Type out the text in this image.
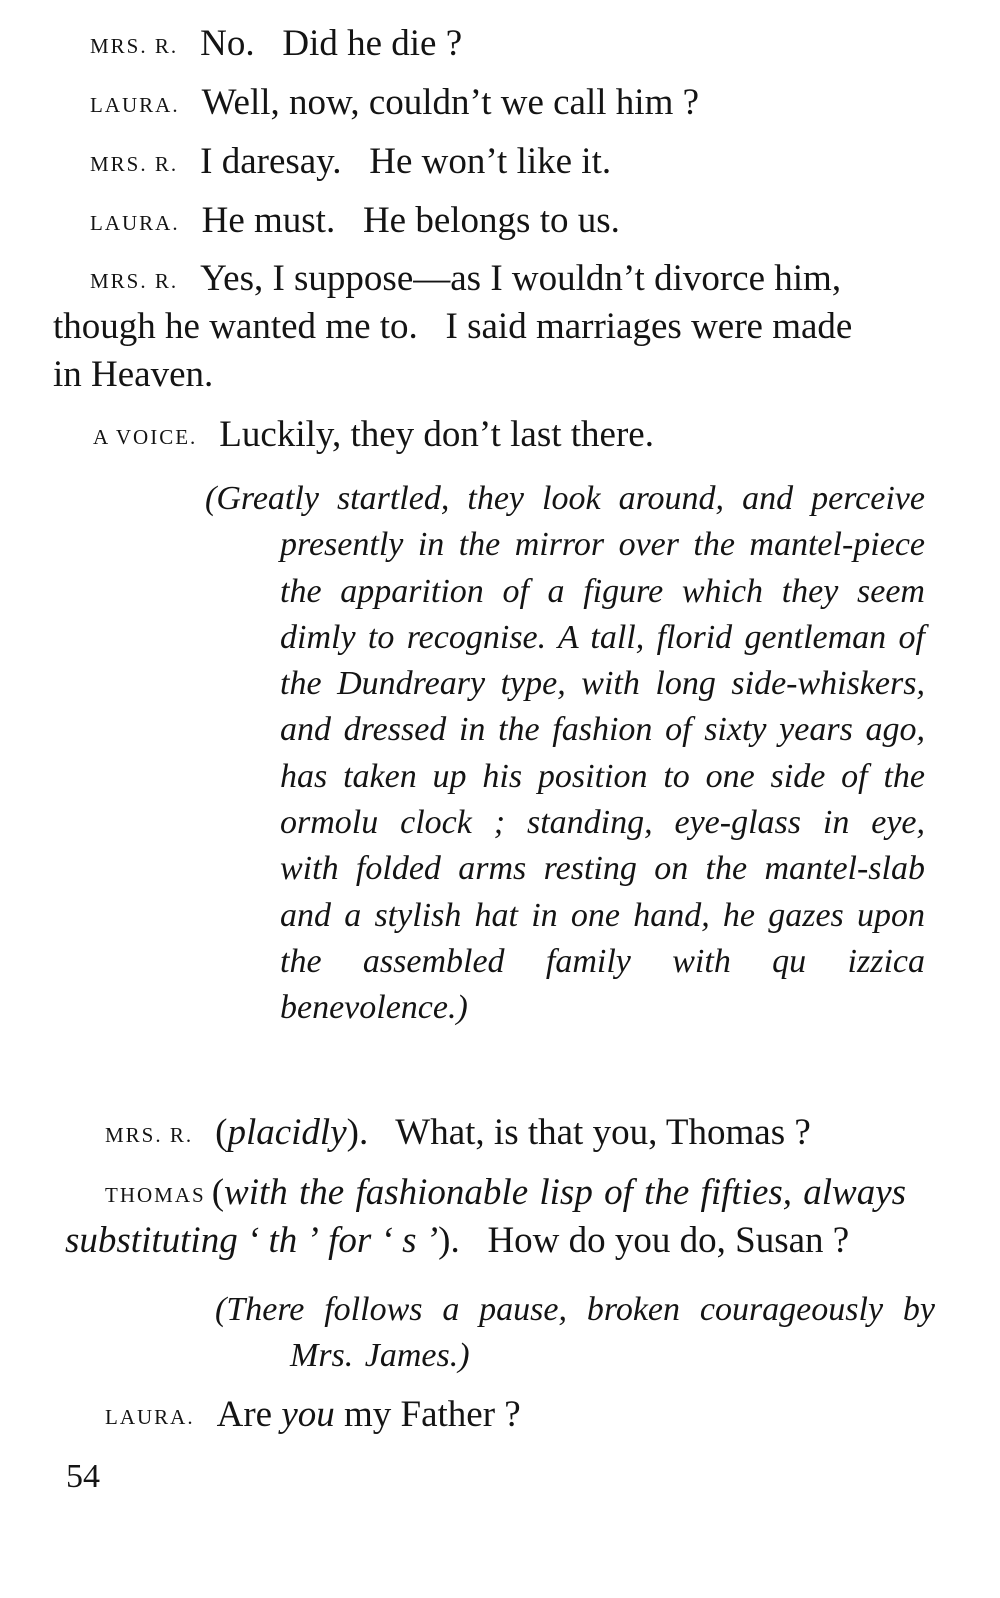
MRS. R. No.   Did he die ?
LAURA. Well, now, couldn’t we call him ?
MRS. R. I daresay.   He won’t like it.
LAURA. He must.   He belongs to us.
MRS. R. Yes, I suppose—as I wouldn’t divorce him,
though he wanted me to.   I said marriages were made
in Heaven.
A VOICE. Luckily, they don’t last there.
(Greatly startled, they look around, and perceive presently in the mirror over the mantel-piece the apparition of a figure which they seem dimly to recognise. A tall, florid gentleman of the Dundreary type, with long side-whiskers, and dressed in the fashion of sixty years ago, has taken up his position to one side of the ormolu clock ; standing, eye-glass in eye, with folded arms resting on the mantel-slab and a stylish hat in one hand, he gazes upon the assembled family with qu izzica benevolence.)
MRS. R. (placidly).   What, is that you, Thomas ?
THOMAS (with the fashionable lisp of the fifties, always
substituting ‘ th ’ for ‘ s ’).   How do you do, Susan ?
(There follows a pause, broken courageously by Mrs. James.)
LAURA. Are you my Father ?
54
